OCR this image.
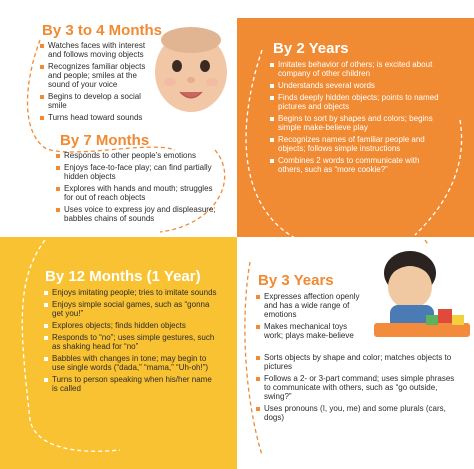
By 3 to 4 Months
Watches faces with interest and follows moving objects
Recognizes familiar objects and people; smiles at the sound of your voice
Begins to develop a social smile
Turns head toward sounds
By 7 Months
Responds to other people’s emotions
Enjoys face-to-face play; can find partially hidden objects
Explores with hands and mouth; struggles for out of reach objects
Uses voice to express joy and displeasure; babbles chains of sounds
By 2 Years
Imitates behavior of others; is excited about company of other children
Understands several words
Finds deeply hidden objects; points to named pictures and objects
Begins to sort by shapes and colors; begins simple make-believe play
Recognizes names of familiar people and objects; follows simple instructions
Combines 2 words to communicate with others, such as “more cookie?”
By 12 Months (1 Year)
Enjoys imitating people; tries to imitate sounds
Enjoys simple social games, such as “gonna get you!”
Explores objects; finds hidden objects
Responds to “no”; uses simple gestures, such as shaking head for “no”
Babbles with changes in tone; may begin to use single words (“dada,” “mama,” “Uh-oh!”)
Turns to person speaking when his/her name is called
By 3 Years
Expresses affection openly and has a wide range of emotions
Makes mechanical toys work; plays make-believe
Sorts objects by shape and color; matches objects to pictures
Follows a 2- or 3-part command; uses simple phrases to communicate with others, such as “go outside, swing?”
Uses pronouns (I, you, me) and some plurals (cars, dogs)
